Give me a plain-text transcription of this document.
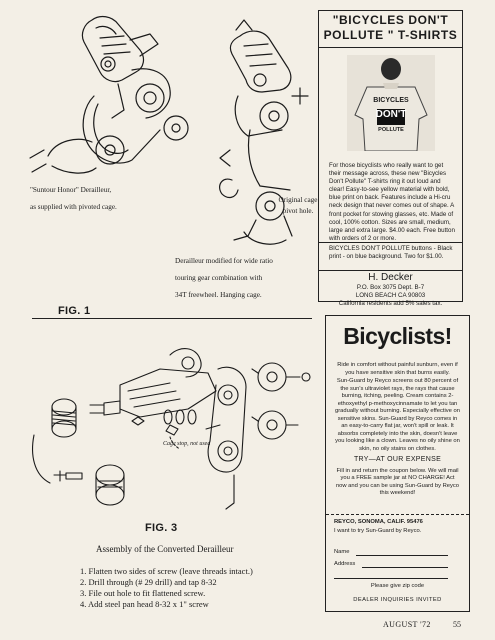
"Suntour Honor" Derailleur,
as supplied with pivoted cage.
Original cage
pivot hole.
Derailleur modified for wide ratio
touring gear combination with
34T freewheel. Hanging cage.
FIG. 1
Cage stop, not used
FIG. 3
Assembly of the Converted Derailleur
1. Flatten two sides of screw (leave threads intact.)
2. Drill through (# 29 drill) and tap 8-32
3. File out hole to fit flattened screw.
4. Add steel pan head 8-32 x 1" screw
"BICYCLES DON'T
POLLUTE " T-SHIRTS
BICYCLES
DON'T
POLLUTE
For those bicyclists who really want to get their message across, these new "Bicycles Don't Pollute" T-shirts ring it out loud and clear! Easy-to-see yellow material with bold, blue print on back. Features include a Hi-cru neck design that never comes out of shape. A front pocket for stowing glasses, etc. Made of cool, 100% cotton. Sizes are small, medium, large and extra large. $4.00 each. Free button with orders of 2 or more.
BICYCLES DON'T POLLUTE buttons - Black print - on blue background. Two for $1.00.
H. Decker
P.O. Box 3075 Dept. B-7
LONG BEACH CA 90803
California residents add 5% sales tax.
Bicyclists!
Ride in comfort without painful sunburn, even if you have sensitive skin that burns easily.
Sun-Guard by Reyco screens out 80 percent of the sun's ultraviolet rays, the rays that cause burning, itching, peeling. Cream contains 2-ethoxyethyl p-methoxycinnamate to let you tan gradually without burning. Especially effective on sensitive skins. Sun-Guard by Reyco comes in an easy-to-carry flat jar, won't spill or leak. It absorbs completely into the skin, doesn't leave you looking like a clown. Leaves no oily shine on skin, no oily stains on clothes.
TRY—AT OUR EXPENSE
Fill in and return the coupon below. We will mail you a FREE sample jar at NO CHARGE! Act now and you can be using Sun-Guard by Reyco this weekend!
REYCO, SONOMA, CALIF. 95476
I want to try Sun-Guard by Reyco.
Name
Address
Please give zip code
DEALER INQUIRIES INVITED
AUGUST '72	55
